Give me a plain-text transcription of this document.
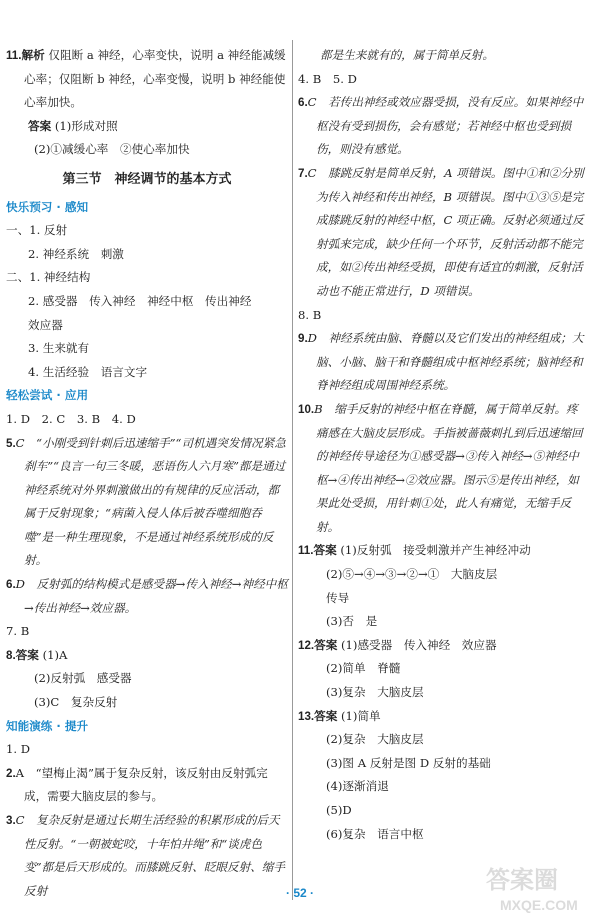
11.解析 仅阻断 a 神经，心率变快，说明 a 神经能减缓心率；仅阻断 b 神经，心率变慢，说明 b 神经能使心率加快。
答案 (1)形成对照
(2)①减缓心率　②使心率加快
第三节　神经调节的基本方式
快乐预习 · 感知
一、1. 反射
2. 神经系统　刺激
二、1. 神经结构
2. 感受器　传入神经　神经中枢　传出神经
效应器
3. 生来就有
4. 生活经验　语言文字
轻松尝试 · 应用
1. D　2. C　3. B　4. D
5.C　“小刚受到针刺后迅速缩手”“司机遇突发情况紧急刹车”“良言一句三冬暖，恶语伤人六月寒”都是通过神经系统对外界刺激做出的有规律的反应活动，都属于反射现象；“病菌入侵人体后被吞噬细胞吞噬”是一种生理现象，不是通过神经系统形成的反射。
6.D　反射弧的结构模式是感受器→传入神经→神经中枢→传出神经→效应器。
7. B
8.答案 (1)A
(2)反射弧　感受器
(3)C　复杂反射
知能演练 · 提升
1. D
2.A　“望梅止渴”属于复杂反射，该反射由反射弧完成，需要大脑皮层的参与。
3.C　复杂反射是通过长期生活经验的积累形成的后天性反射。“一朝被蛇咬，十年怕井绳”和“谈虎色变”都是后天形成的。而膝跳反射、眨眼反射、缩手反射
都是生来就有的，属于简单反射。
4. B　5. D
6.C　若传出神经或效应器受损，没有反应。如果神经中枢没有受到损伤，会有感觉；若神经中枢也受到损伤，则没有感觉。
7.C　膝跳反射是简单反射，A 项错误。图中①和②分别为传入神经和传出神经，B 项错误。图中①③⑤是完成膝跳反射的神经中枢，C 项正确。反射必须通过反射弧来完成，缺少任何一个环节，反射活动都不能完成，如②传出神经受损，即使有适宜的刺激，反射活动也不能正常进行，D 项错误。
8. B
9.D　神经系统由脑、脊髓以及它们发出的神经组成；大脑、小脑、脑干和脊髓组成中枢神经系统；脑神经和脊神经组成周围神经系统。
10.B　缩手反射的神经中枢在脊髓，属于简单反射。疼痛感在大脑皮层形成。手指被蔷薇刺扎到后迅速缩回的神经传导途径为①感受器→③传入神经→⑤神经中枢→④传出神经→②效应器。图示⑤是传出神经，如果此处受损，用针刺①处，此人有痛觉，无缩手反射。
11.答案 (1)反射弧　接受刺激并产生神经冲动
(2)⑤→④→③→②→①　大脑皮层
传导
(3)否　是
12.答案 (1)感受器　传入神经　效应器
(2)简单　脊髓
(3)复杂　大脑皮层
13.答案 (1)简单
(2)复杂　大脑皮层
(3)图 A 反射是图 D 反射的基础
(4)逐渐消退
(5)D
(6)复杂　语言中枢
· 52 ·	答案圈
MXQE.COM
